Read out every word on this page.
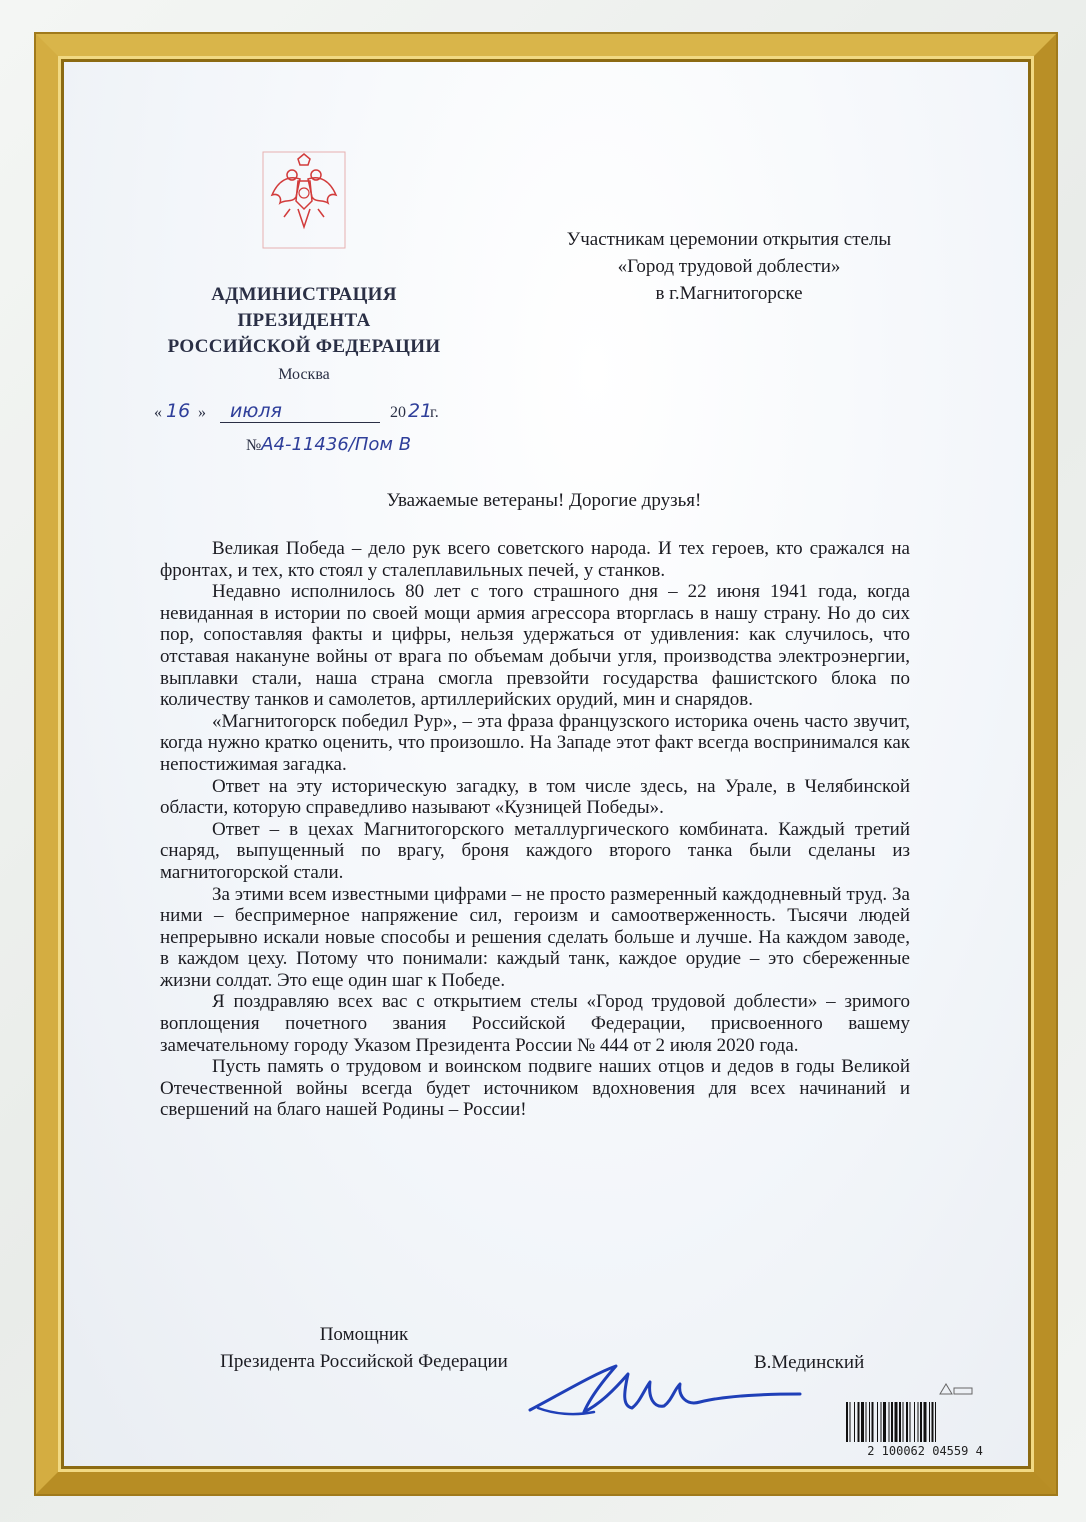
АДМИНИСТРАЦИЯ
ПРЕЗИДЕНТА
РОССИЙСКОЙ ФЕДЕРАЦИИ
Москва
« 16 » июля	20 21
г.
№А4-11436/Пом В
Участникам церемонии открытия стелы
«Город трудовой доблести»
в г.Магнитогорске
Уважаемые ветераны! Дорогие друзья!

Великая Победа – дело рук всего советского народа. И тех героев, кто сражался на фронтах, и тех, кто стоял у сталеплавильных печей, у станков.

Недавно исполнилось 80 лет с того страшного дня – 22 июня 1941 года, когда невиданная в истории по своей мощи армия агрессора вторглась в нашу страну. Но до сих пор, сопоставляя факты и цифры, нельзя удержаться от удивления: как случилось, что отставая накануне войны от врага по объемам добычи угля, производства электроэнергии, выплавки стали, наша страна смогла превзойти государства фашистского блока по количеству танков и самолетов, артиллерийских орудий, мин и снарядов.

«Магнитогорск победил Рур», – эта фраза французского историка очень часто звучит, когда нужно кратко оценить, что произошло. На Западе этот факт всегда воспринимался как непостижимая загадка.

Ответ на эту историческую загадку, в том числе здесь, на Урале, в Челябинской области, которую справедливо называют «Кузницей Победы».

Ответ – в цехах Магнитогорского металлургического комбината. Каждый третий снаряд, выпущенный по врагу, броня каждого второго танка были сделаны из магнитогорской стали.

За этими всем известными цифрами – не просто размеренный каждодневный труд. За ними – беспримерное напряжение сил, героизм и самоотверженность. Тысячи людей непрерывно искали новые способы и решения сделать больше и лучше. На каждом заводе, в каждом цеху. Потому что понимали: каждый танк, каждое орудие – это сбереженные жизни солдат. Это еще один шаг к Победе.

Я поздравляю всех вас с открытием стелы «Город трудовой доблести» – зримого воплощения почетного звания Российской Федерации, присвоенного вашему замечательному городу Указом Президента России № 444 от 2 июля 2020 года.

Пусть память о трудовом и воинском подвиге наших отцов и дедов в годы Великой Отечественной войны всегда будет источником вдохновения для всех начинаний и свершений на благо нашей Родины – России!

Помощник
Президента Российской Федерации	В.Мединский
2 100062 04559 4
